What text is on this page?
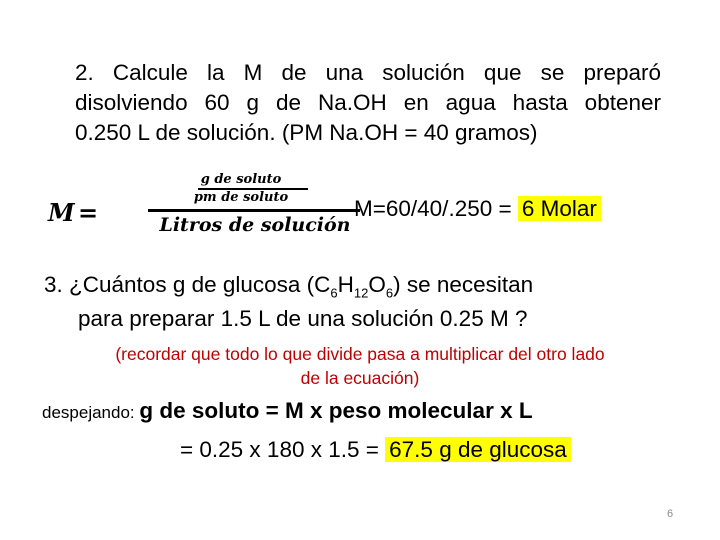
2. Calcule la M de una solución que se preparó
disolviendo 60 g de Na.OH en agua hasta obtener
0.250 L de solución. (PM Na.OH = 40 gramos)
M =
g de soluto
pm de soluto
Litros de solución
M=60/40/.250 = 6 Molar
3. ¿Cuántos g de glucosa $(C_6H_{12}O_6)$ se necesitan
para preparar 1.5 L de una solución 0.25 M ?
(recordar que todo lo que divide pasa a multiplicar del otro lado
de la ecuación)
despejando: g de soluto = M x peso molecular x L
= 0.25 x 180 x 1.5 = 67.5 g de glucosa
6
